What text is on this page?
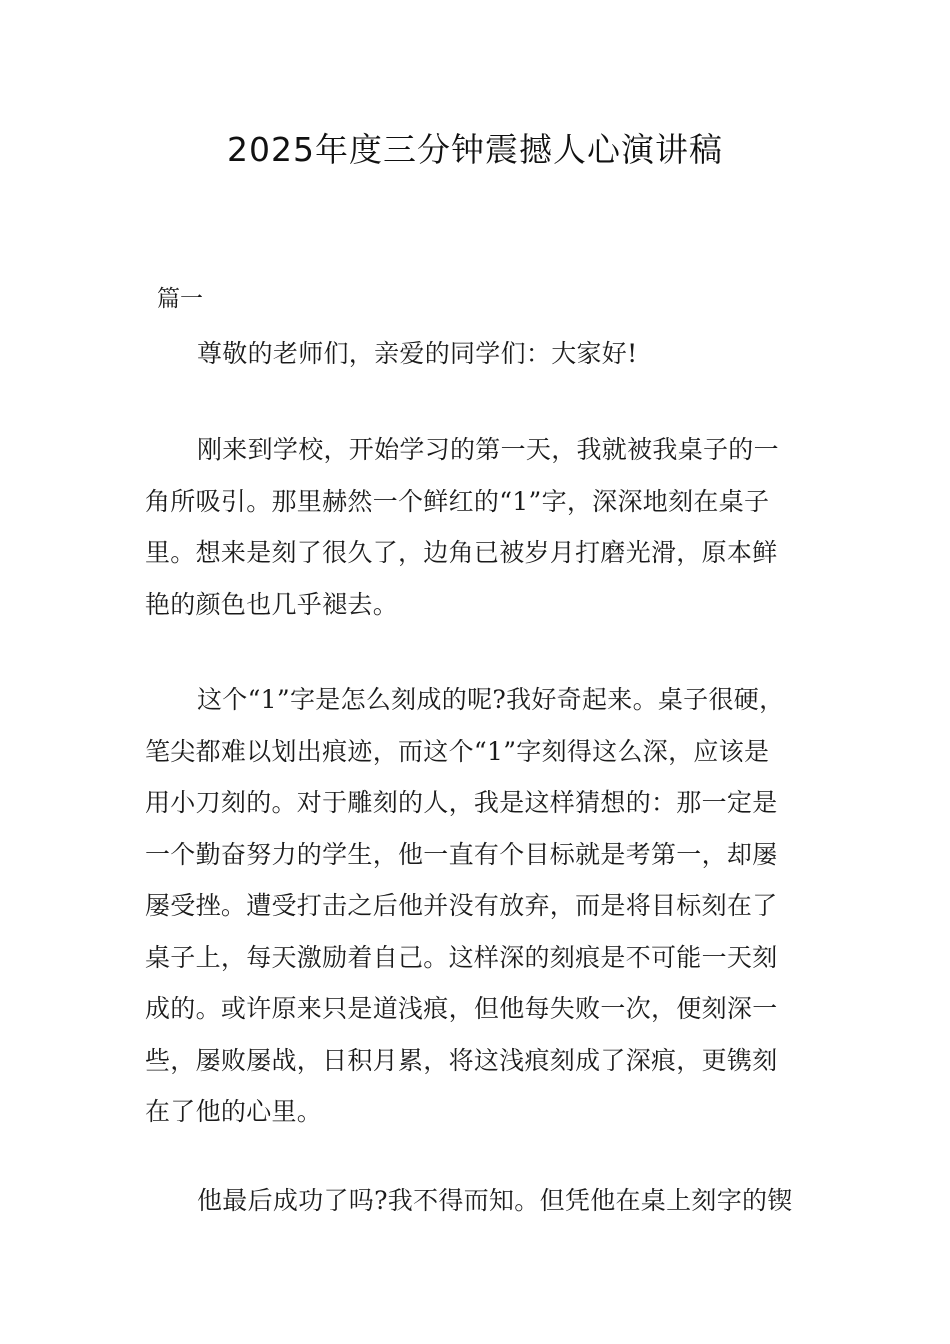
2025年度三分钟震撼人心演讲稿
篇一

尊敬的老师们，亲爱的同学们：大家好!

刚来到学校，开始学习的第一天，我就被我桌子的一
角所吸引。那里赫然一个鲜红的“1”字，深深地刻在桌子
里。想来是刻了很久了，边角已被岁月打磨光滑，原本鲜
艳的颜色也几乎褪去。

这个“1”字是怎么刻成的呢?我好奇起来。桌子很硬，
笔尖都难以划出痕迹，而这个“1”字刻得这么深，应该是
用小刀刻的。对于雕刻的人，我是这样猜想的：那一定是
一个勤奋努力的学生，他一直有个目标就是考第一，却屡
屡受挫。遭受打击之后他并没有放弃，而是将目标刻在了
桌子上，每天激励着自己。这样深的刻痕是不可能一天刻
成的。或许原来只是道浅痕，但他每失败一次，便刻深一
些，屡败屡战，日积月累，将这浅痕刻成了深痕，更镌刻
在了他的心里。

他最后成功了吗?我不得而知。但凭他在桌上刻字的锲
